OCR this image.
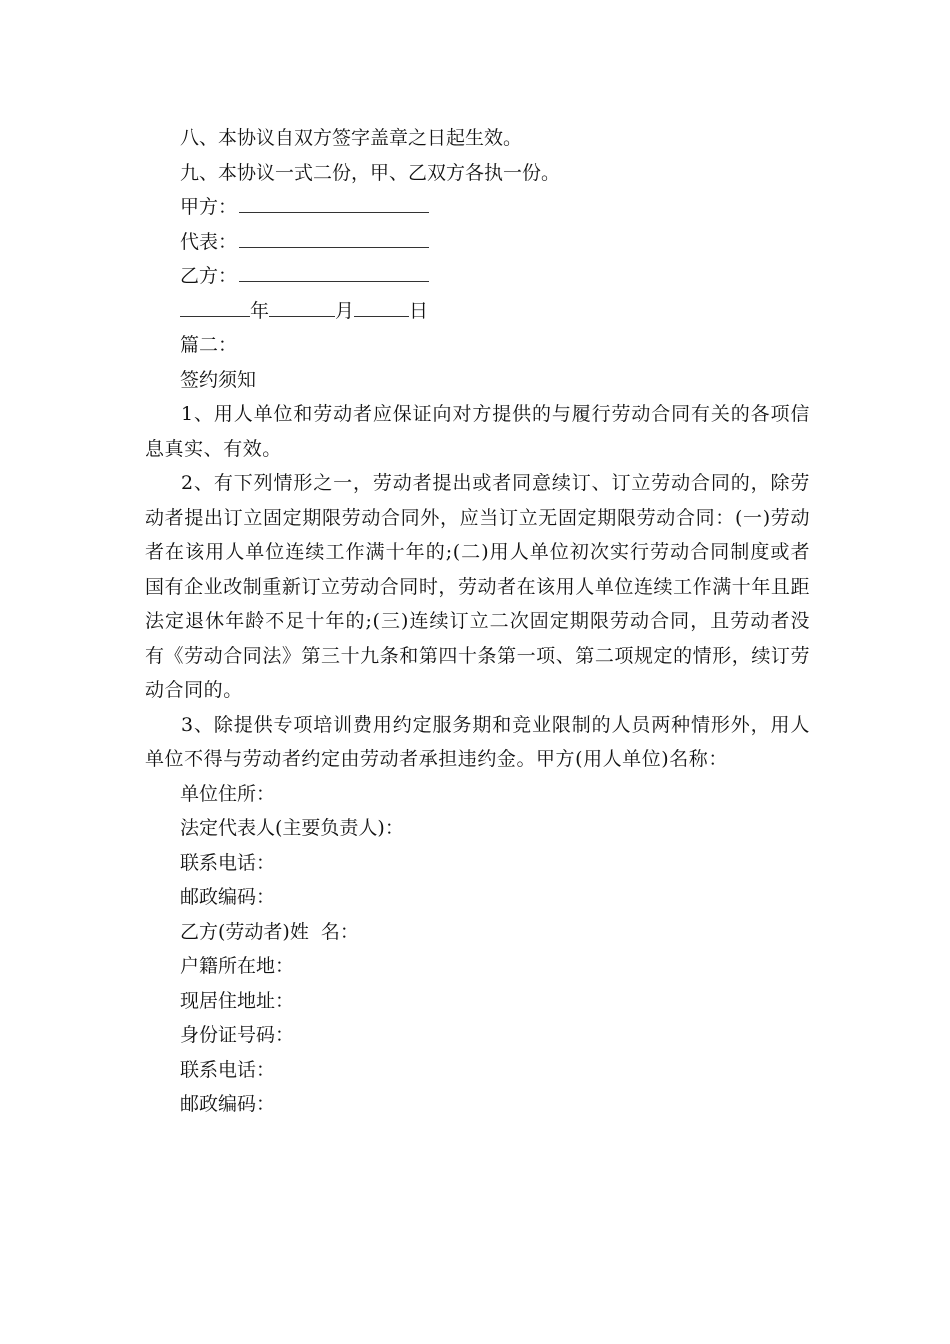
八、本协议自双方签字盖章之日起生效。
九、本协议一式二份，甲、乙双方各执一份。
甲方：
代表：
乙方：
年	月	日
篇二：
签约须知
1、用人单位和劳动者应保证向对方提供的与履行劳动合同有关的各项信息真实、有效。
2、有下列情形之一，劳动者提出或者同意续订、订立劳动合同的，除劳动者提出订立固定期限劳动合同外，应当订立无固定期限劳动合同：(一)劳动者在该用人单位连续工作满十年的;(二)用人单位初次实行劳动合同制度或者国有企业改制重新订立劳动合同时，劳动者在该用人单位连续工作满十年且距法定退休年龄不足十年的;(三)连续订立二次固定期限劳动合同，且劳动者没有《劳动合同法》第三十九条和第四十条第一项、第二项规定的情形，续订劳动合同的。
3、除提供专项培训费用约定服务期和竞业限制的人员两种情形外，用人单位不得与劳动者约定由劳动者承担违约金。甲方(用人单位)名称：
单位住所：
法定代表人(主要负责人)：
联系电话：
邮政编码：
乙方(劳动者)姓  名：
户籍所在地：
现居住地址：
身份证号码：
联系电话：
邮政编码：
